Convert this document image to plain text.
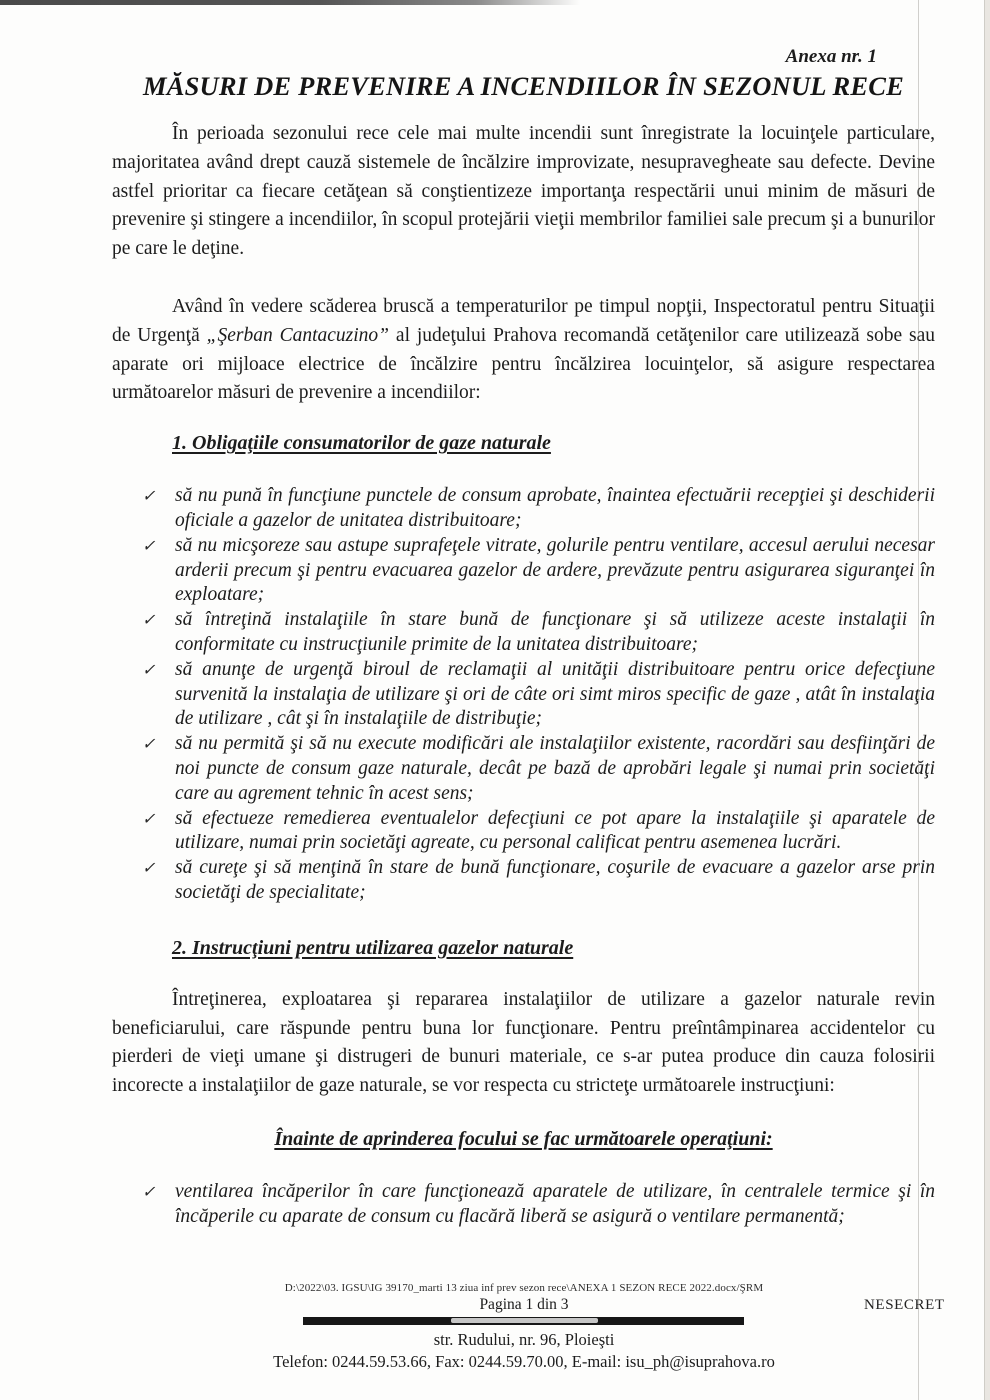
Anexa nr. 1
MĂSURI DE PREVENIRE A INCENDIILOR ÎN SEZONUL RECE
În perioada sezonului rece cele mai multe incendii sunt înregistrate la locuinţele particulare, majoritatea având drept cauză sistemele de încălzire improvizate, nesupravegheate sau defecte. Devine astfel prioritar ca fiecare cetăţean să conştientizeze importanţa respectării unui minim de măsuri de prevenire şi stingere a incendiilor, în scopul protejării vieţii membrilor familiei sale precum şi a bunurilor pe care le deţine.
Având în vedere scăderea bruscă a temperaturilor pe timpul nopţii, Inspectoratul pentru Situaţii de Urgenţă „Şerban Cantacuzino” al judeţului Prahova recomandă cetăţenilor care utilizează sobe sau aparate ori mijloace electrice de încălzire pentru încălzirea locuinţelor, să asigure respectarea următoarelor măsuri de prevenire a incendiilor:
1. Obligaţiile consumatorilor de gaze naturale
✓	să nu pună în funcţiune punctele de consum aprobate, înaintea efectuării recepţiei şi deschiderii oficiale a gazelor de unitatea distribuitoare;
✓	să nu micşoreze sau astupe suprafeţele vitrate, golurile pentru ventilare, accesul aerului necesar arderii precum şi pentru evacuarea gazelor de ardere, prevăzute pentru asigurarea siguranţei în exploatare;
✓	să întreţină instalaţiile în stare bună de funcţionare şi să utilizeze aceste instalaţii în conformitate cu instrucţiunile primite de la unitatea distribuitoare;
✓	să anunţe de urgenţă biroul de reclamaţii al unităţii distribuitoare pentru orice defecţiune survenită la instalaţia de utilizare şi ori de câte ori simt miros specific de gaze , atât în instalaţia de utilizare , cât şi în instalaţiile de distribuţie;
✓	să nu permită şi să nu execute modificări ale instalaţiilor existente, racordări sau desfiinţări de noi puncte de consum gaze naturale, decât pe bază de aprobări legale şi numai prin societăţi care au agrement tehnic în acest sens;
✓	să efectueze remedierea eventualelor defecţiuni ce pot apare la instalaţiile şi aparatele de utilizare, numai prin societăţi agreate, cu personal calificat pentru asemenea lucrări.
✓	să cureţe şi să menţină în stare de bună funcţionare, coşurile de evacuare a gazelor arse prin societăţi de specialitate;
2. Instrucţiuni pentru utilizarea gazelor naturale
Întreţinerea, exploatarea şi repararea instalaţiilor de utilizare a gazelor naturale revin beneficiarului, care răspunde pentru buna lor funcţionare. Pentru preîntâmpinarea accidentelor cu pierderi de vieţi umane şi distrugeri de bunuri materiale, ce s-ar putea produce din cauza folosirii incorecte a instalaţiilor de gaze naturale, se vor respecta cu stricteţe următoarele instrucţiuni:
Înainte de aprinderea focului se fac următoarele operaţiuni:
✓	ventilarea încăperilor în care funcţionează aparatele de utilizare, în centralele termice şi în încăperile cu aparate de consum cu flacără liberă se asigură o ventilare permanentă;
D:\2022\03. IGSU\IG 39170_marti 13 ziua inf prev sezon rece\ANEXA 1 SEZON RECE 2022.docx/ŞRM
Pagina 1 din 3	NESECRET
str. Rudului, nr. 96, Ploieşti
Telefon: 0244.59.53.66, Fax: 0244.59.70.00, E-mail: isu_ph@isuprahova.ro
